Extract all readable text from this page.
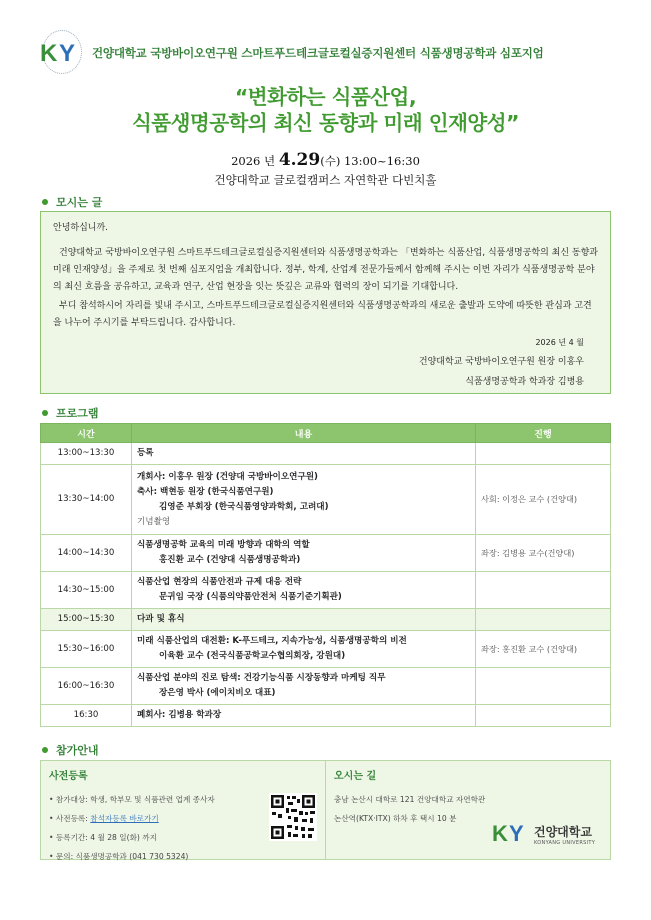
K Y 건양대학교 국방바이오연구원 스마트푸드테크글로컬실증지원센터 식품생명공학과 심포지엄
“변화하는 식품산업,
식품생명공학의 최신 동향과 미래 인재양성”
2026 년 4.29(수) 13:00~16:30
건양대학교 글로컬캠퍼스 자연학관 다빈치홀
모시는 글

안녕하십니까.

건양대학교 국방바이오연구원 스마트푸드테크글로컬실증지원센터와 식품생명공학과는 「변화하는 식품산업, 식품생명공학의 최신 동향과 미래 인재양성」을 주제로 첫 번째 심포지엄을 개최합니다. 정부, 학계, 산업계 전문가들께서 함께해 주시는 이번 자리가 식품생명공학 분야의 최신 흐름을 공유하고, 교육과 연구, 산업 현장을 잇는 뜻깊은 교류와 협력의 장이 되기를 기대합니다.

부디 참석하시어 자리를 빛내 주시고, 스마트푸드테크글로컬실증지원센터와 식품생명공학과의 새로운 출발과 도약에 따뜻한 관심과 고견을 나누어 주시기를 부탁드립니다. 감사합니다.

2026 년 4 월

건양대학교 국방바이오연구원 원장 이홍우

식품생명공학과 학과장 김병용

프로그램
시간	내용	진행
13:00~13:30	등록	
13:30~14:00	개회사: 이홍우 원장 (건양대 국방바이오연구원)
축사: 백현동 원장 (한국식품연구원)
김영준 부회장 (한국식품영양과학회, 고려대)
기념촬영	사회: 이정은 교수 (건양대)
14:00~14:30	식품생명공학 교육의 미래 방향과 대학의 역할
홍진환 교수 (건양대 식품생명공학과)	좌장: 김병용 교수(건양대)
14:30~15:00	식품산업 현장의 식품안전과 규제 대응 전략
문귀임 국장 (식품의약품안전처 식품기준기획관)	

15:00~15:30	다과 및 휴식	
15:30~16:00	미래 식품산업의 대전환: K-푸드테크, 지속가능성, 식품생명공학의 비전
이육환 교수 (전국식품공학교수협의회장, 강원대)	좌장: 홍진환 교수 (건양대)
16:00~16:30	식품산업 분야의 진로 탐색: 건강기능식품 시장동향과 마케팅 직무
장은영 박사 (에이치비오 대표)	

16:30	폐회사: 김병용 학과장	
참가안내
사전등록
• 참가대상: 학생, 학부모 및 식품관련 업계 종사자
• 사전등록: 참석자등록 바로가기
• 등록기간: 4 월 28 일(화) 까지
• 문의: 식품생명공학과 (041 730 5324)
오시는 길
충남 논산시 대학로 121 건양대학교 자연학관
논산역(KTX·ITX) 하차 후 택시 10 분
K Y 건양대학교
KONYANG UNIVERSITY
